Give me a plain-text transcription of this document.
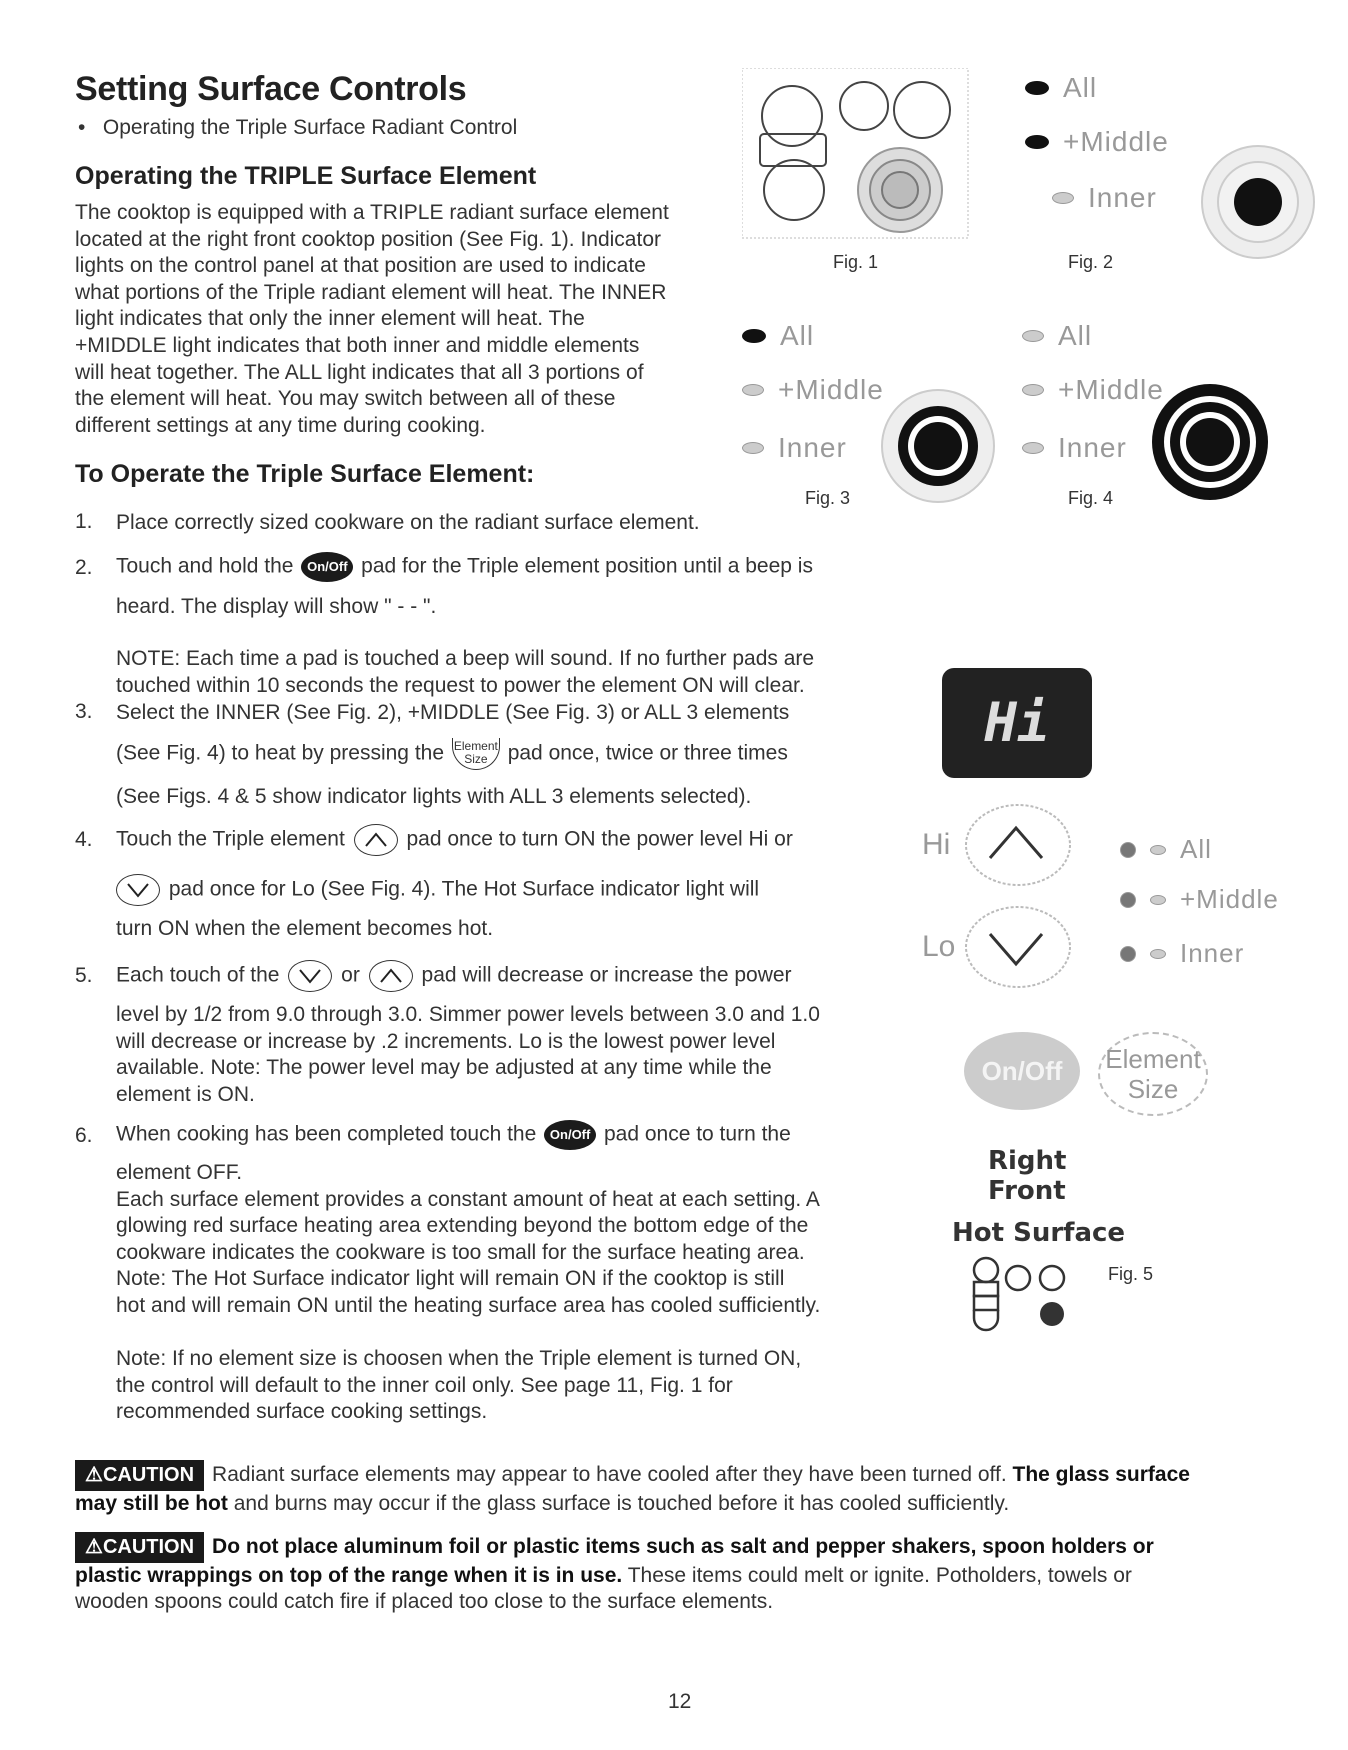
Setting Surface Controls
•   Operating the Triple Surface Radiant Control
Operating the TRIPLE Surface Element
The cooktop is equipped with a TRIPLE radiant surface element
located at the right front cooktop position (See Fig. 1). Indicator
lights on the control panel at that position are used to indicate
what portions of the Triple radiant element will heat. The INNER
light indicates that only the inner element will heat. The
+MIDDLE light indicates that both inner and middle elements
will heat together. The ALL light indicates that all 3 portions of
the element will heat. You may switch between all of these
different settings at any time during cooking.
To Operate the Triple Surface Element:
1. Place correctly sized cookware on the radiant surface element.
2. Touch and hold the On/Off pad for the Triple element position until a beep is
heard. The display will show " - - ".
NOTE: Each time a pad is touched a beep will sound. If no further pads are
touched within 10 seconds the request to power the element ON will clear.
3. Select the INNER (See Fig. 2), +MIDDLE (See Fig. 3) or ALL 3 elements
(See Fig. 4) to heat by pressing the Element
Size pad once, twice or three times
(See Figs. 4 & 5 show indicator lights with ALL 3 elements selected).
4. Touch the Triple element	pad once to turn ON the power level Hi or
pad once for Lo (See Fig. 4). The Hot Surface indicator light will
turn ON when the element becomes hot.
5. Each touch of the	or	pad will decrease or increase the power
level by 1/2 from 9.0 through 3.0. Simmer power levels between 3.0 and 1.0
will decrease or increase by .2 increments. Lo is the lowest power level
available. Note: The power level may be adjusted at any time while the
element is ON.
6. When cooking has been completed touch the On/Off pad once to turn the
element OFF.
Each surface element provides a constant amount of heat at each setting. A
glowing red surface heating area extending beyond the bottom edge of the
cookware indicates the cookware is too small for the surface heating area.
Note: The Hot Surface indicator light will remain ON if the cooktop is still
hot and will remain ON until the heating surface area has cooled sufficiently.
Note: If no element size is choosen when the Triple element is turned ON,
the control will default to the inner coil only. See page 11, Fig. 1 for
recommended surface cooking settings.
Fig. 1
All
+Middle
Inner
Fig. 2
All
+Middle
Inner
Fig. 3
All
+Middle
Inner
Fig. 4
Hi
Hi
Lo
All
+Middle
Inner
On/Off	Element
Size
Right
Front
Hot Surface
Fig. 5
⚠CAUTION Radiant surface elements may appear to have cooled after they have been turned off. The glass surface
may still be hot and burns may occur if the glass surface is touched before it has cooled sufficiently.
⚠CAUTION Do not place aluminum foil or plastic items such as salt and pepper shakers, spoon holders or
plastic wrappings on top of the range when it is in use. These items could melt or ignite. Potholders, towels or
wooden spoons could catch fire if placed too close to the surface elements.
12
